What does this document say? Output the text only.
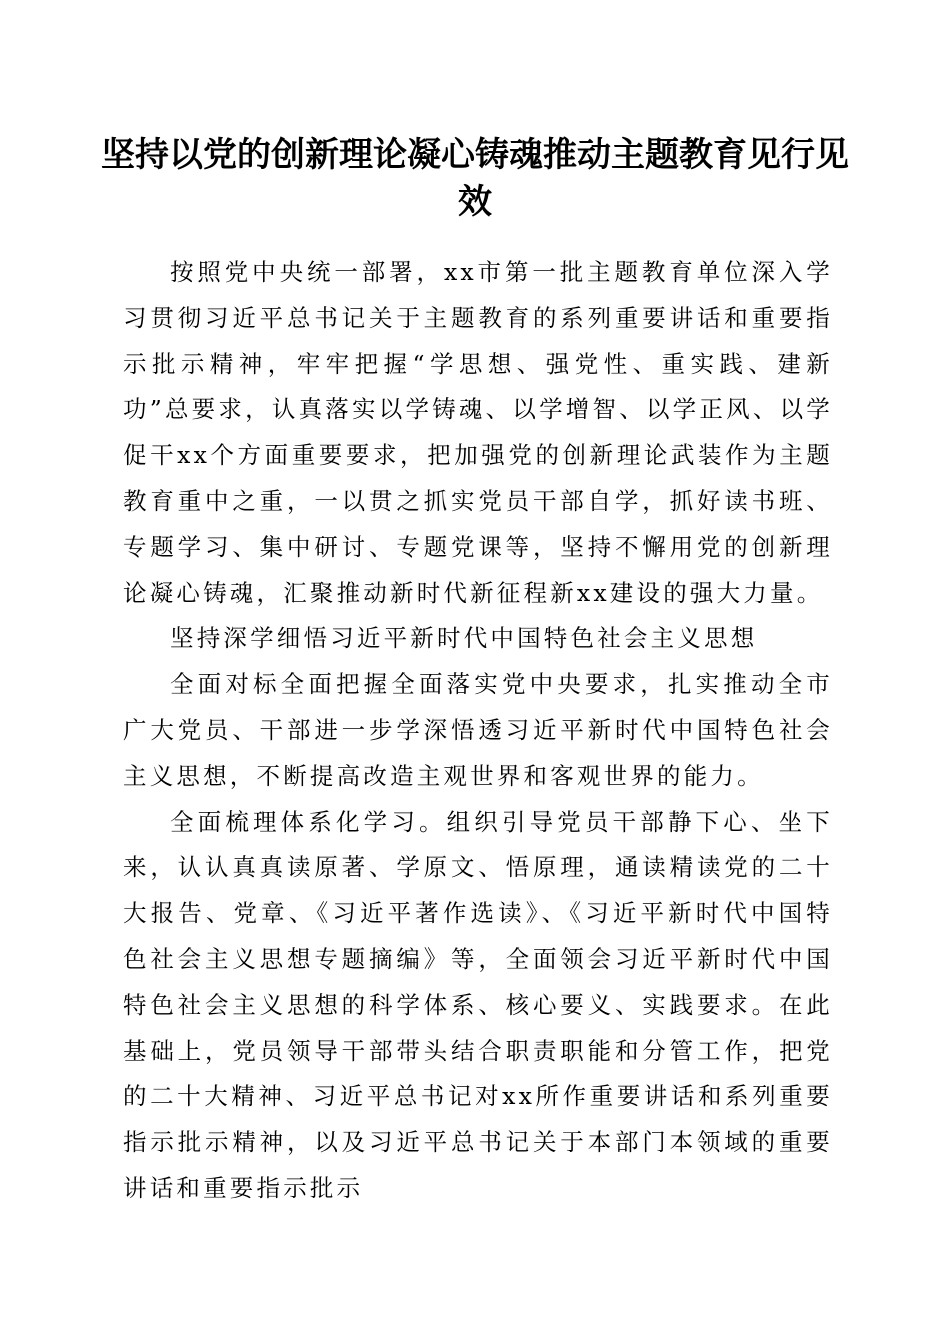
坚持以党的创新理论凝心铸魂推动主题教育见行见效

按照党中央统一部署，xx市第一批主题教育单位深入学习贯彻习近平总书记关于主题教育的系列重要讲话和重要指示批示精神，牢牢把握“学思想、强党性、重实践、建新功”总要求，认真落实以学铸魂、以学增智、以学正风、以学促干xx个方面重要要求，把加强党的创新理论武装作为主题教育重中之重，一以贯之抓实党员干部自学，抓好读书班、专题学习、集中研讨、专题党课等，坚持不懈用党的创新理论凝心铸魂，汇聚推动新时代新征程新xx建设的强大力量。

坚持深学细悟习近平新时代中国特色社会主义思想

全面对标全面把握全面落实党中央要求，扎实推动全市广大党员、干部进一步学深悟透习近平新时代中国特色社会主义思想，不断提高改造主观世界和客观世界的能力。

全面梳理体系化学习。组织引导党员干部静下心、坐下来，认认真真读原著、学原文、悟原理，通读精读党的二十大报告、党章、《习近平著作选读》、《习近平新时代中国特色社会主义思想专题摘编》等，全面领会习近平新时代中国特色社会主义思想的科学体系、核心要义、实践要求。在此基础上，党员领导干部带头结合职责职能和分管工作，把党的二十大精神、习近平总书记对xx所作重要讲话和系列重要指示批示精神，以及习近平总书记关于本部门本领域的重要讲话和重要指示批示
